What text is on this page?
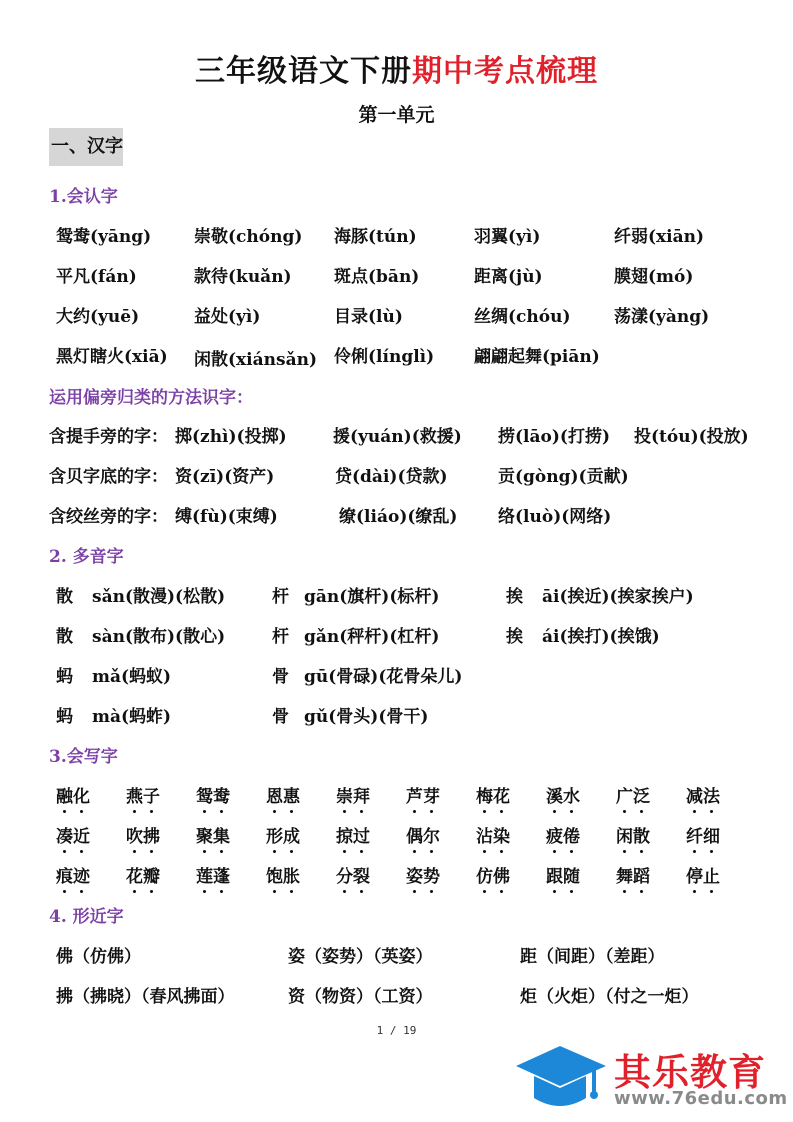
三年级语文下册期中考点梳理
第一单元
一、汉字
1.会认字
鸳鸯(yāng)	崇敬(chóng) 海豚(tún)	羽翼(yì)	纤弱(xiān)
平凡(fán)	款待(kuǎn) 斑点(bān)	距离(jù)	膜翅(mó)
大约(yuē)	益处(yì)	目录(lù)	丝绸(chóu)	荡漾(yàng)
黑灯瞎火(xiā) 闲散(xiánsǎn) 伶俐(línglì) 翩翩起舞(piān)
运用偏旁归类的方法识字：
含提手旁的字： 掷(zhì)(投掷)	援(yuán)(救援) 捞(lāo)(打捞) 投(tóu)(投放)
含贝字底的字： 资(zī)(资产)	贷(dài)(贷款)	贡(gòng)(贡献)
含绞丝旁的字： 缚(fù)(束缚)	缭(liáo)(缭乱) 络(luò)(网络)
2. 多音字
散 sǎn(散漫)(松散)	杆 gān(旗杆)(标杆)	挨 āi(挨近)(挨家挨户)
散 sàn(散布)(散心)	杆 gǎn(秤杆)(杠杆)	挨 ái(挨打)(挨饿)
蚂 mǎ(蚂蚁)	骨 gū(骨碌)(花骨朵儿)
蚂 mà(蚂蚱)	骨 gǔ(骨头)(骨干)
3.会写字
融化 燕子 鸳鸯 恩惠 崇拜 芦芽 梅花 溪水 广泛 减法
凑近 吹拂 聚集 形成 掠过 偶尔 沾染 疲倦 闲散 纤细
痕迹 花瓣 莲蓬 饱胀 分裂 姿势 仿佛 跟随 舞蹈 停止
4. 形近字
佛（仿佛）	姿（姿势）（英姿）	距（间距）（差距）
拂（拂晓）（春风拂面）	资（物资）（工资）	炬（火炬）（付之一炬）
1 / 19
其乐教育
www.76edu.com
